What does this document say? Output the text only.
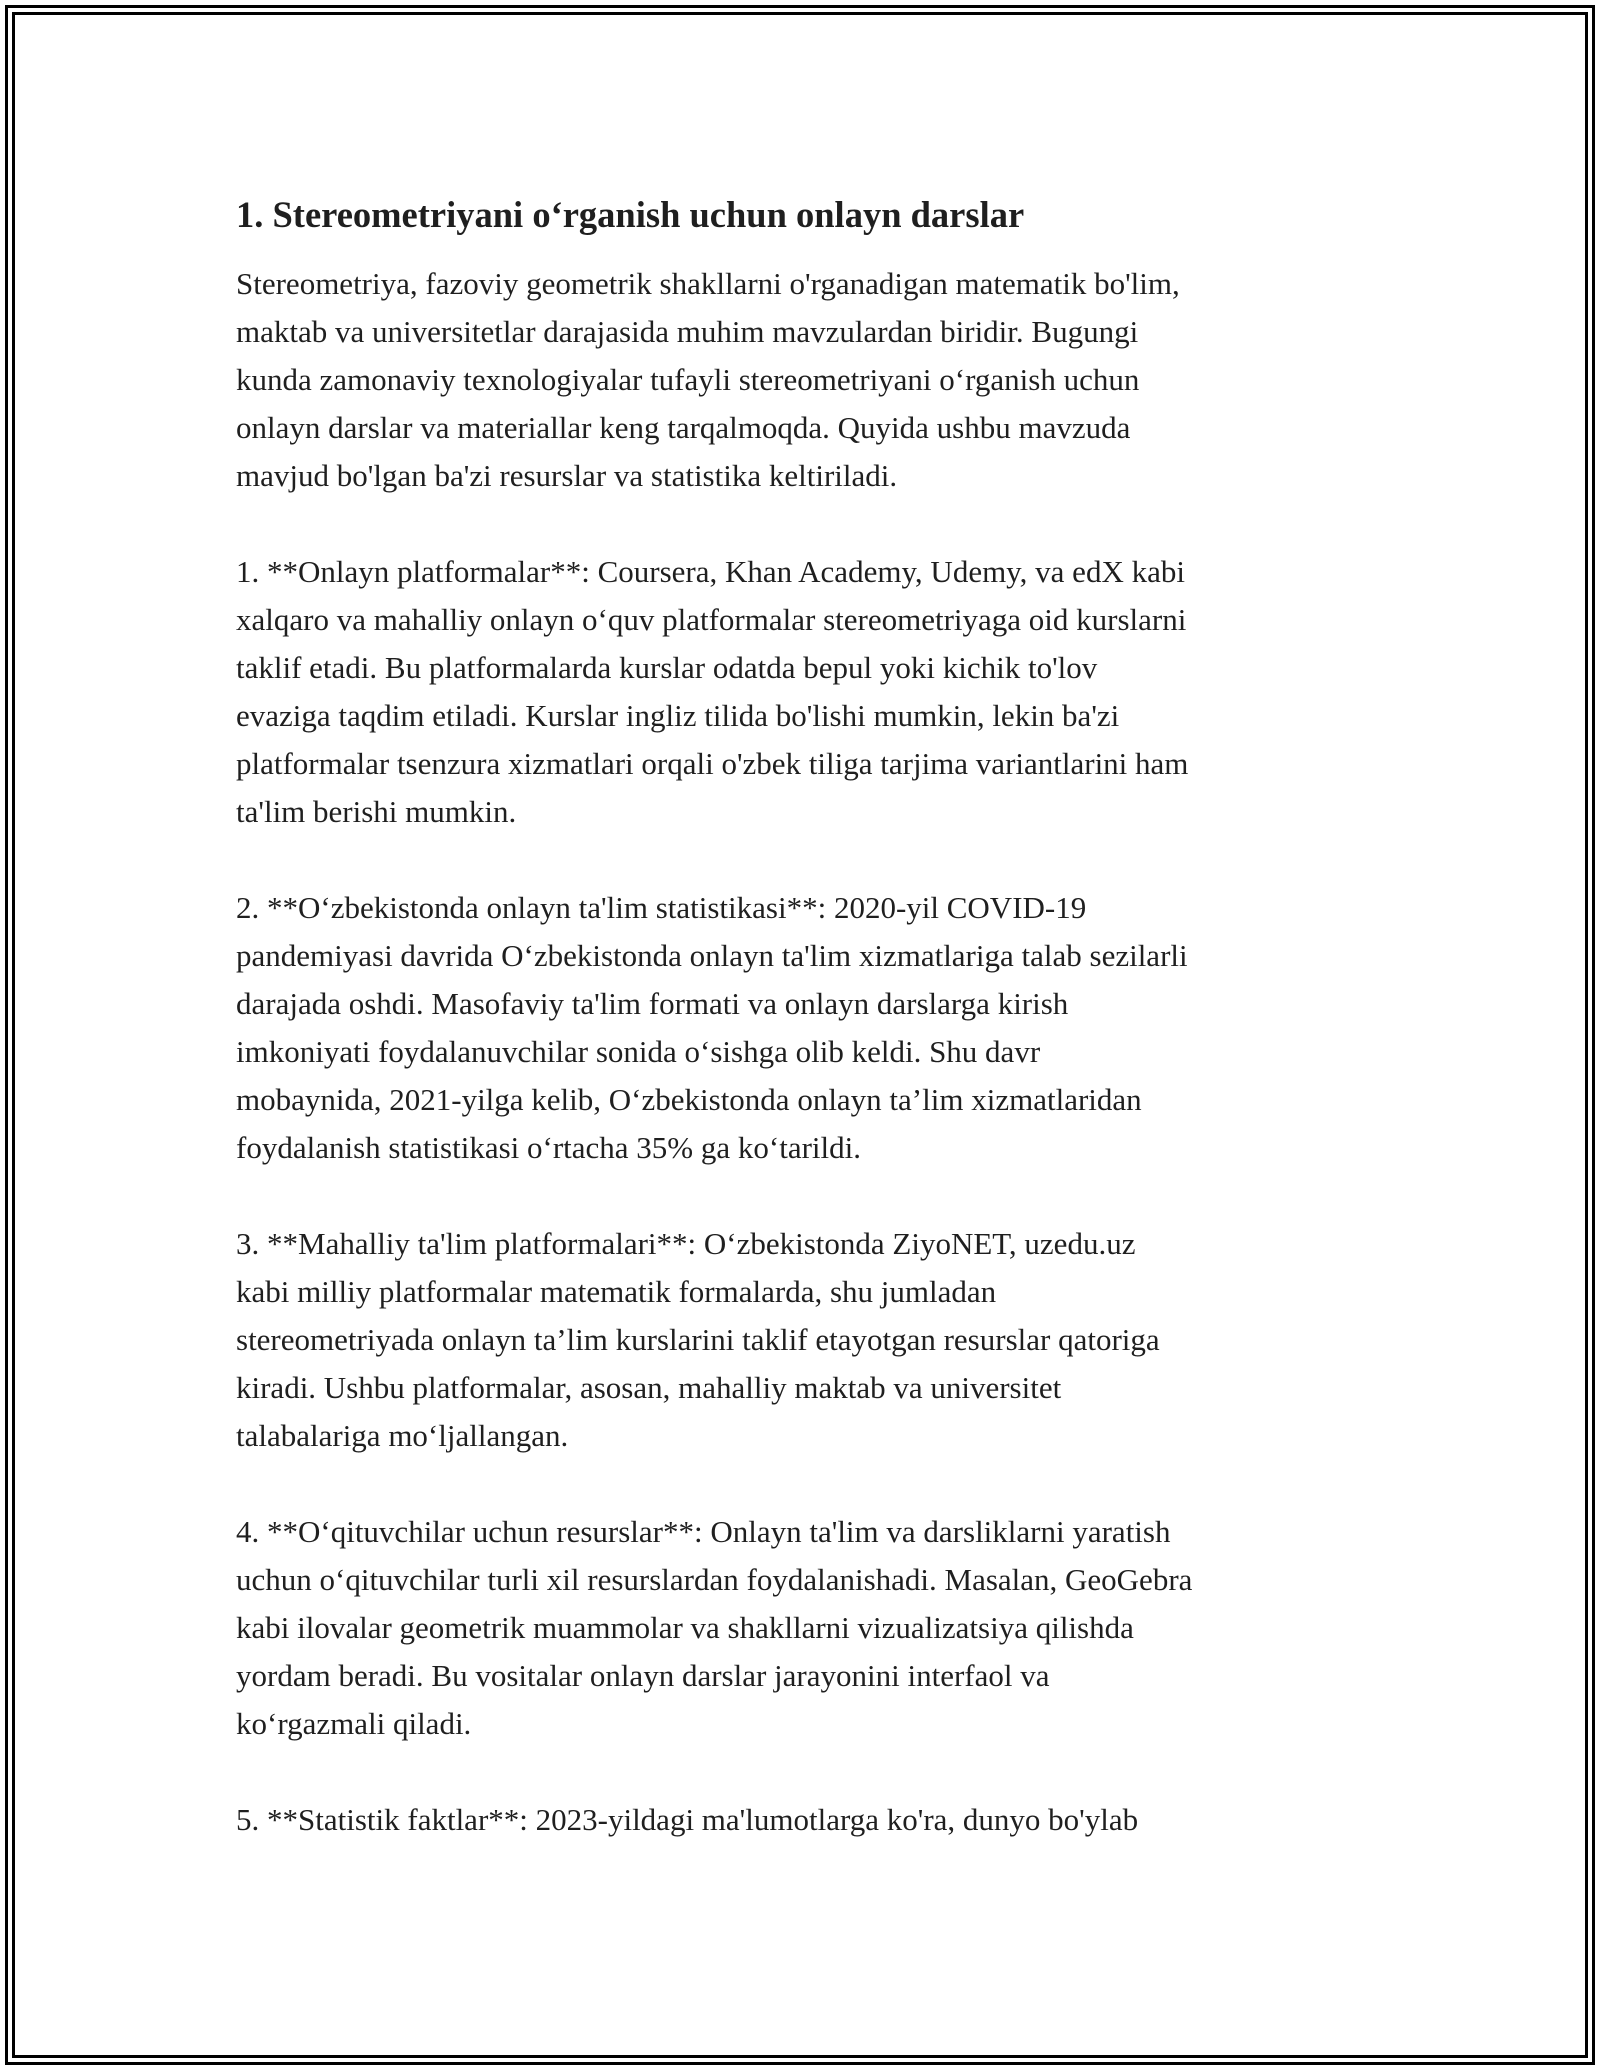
1. Stereometriyani o‘rganish uchun onlayn darslar
Stereometriya, fazoviy geometrik shakllarni o'rganadigan matematik bo'lim,
maktab va universitetlar darajasida muhim mavzulardan biridir. Bugungi
kunda zamonaviy texnologiyalar tufayli stereometriyani o‘rganish uchun
onlayn darslar va materiallar keng tarqalmoqda. Quyida ushbu mavzuda
mavjud bo'lgan ba'zi resurslar va statistika keltiriladi.
1. **Onlayn platformalar**: Coursera, Khan Academy, Udemy, va edX kabi
xalqaro va mahalliy onlayn o‘quv platformalar stereometriyaga oid kurslarni
taklif etadi. Bu platformalarda kurslar odatda bepul yoki kichik to'lov
evaziga taqdim etiladi. Kurslar ingliz tilida bo'lishi mumkin, lekin ba'zi
platformalar tsenzura xizmatlari orqali o'zbek tiliga tarjima variantlarini ham
ta'lim berishi mumkin.
2. **O‘zbekistonda onlayn ta'lim statistikasi**: 2020-yil COVID-19
pandemiyasi davrida O‘zbekistonda onlayn ta'lim xizmatlariga talab sezilarli
darajada oshdi. Masofaviy ta'lim formati va onlayn darslarga kirish
imkoniyati foydalanuvchilar sonida o‘sishga olib keldi. Shu davr
mobaynida, 2021-yilga kelib, O‘zbekistonda onlayn ta’lim xizmatlaridan
foydalanish statistikasi o‘rtacha 35% ga ko‘tarildi.
3. **Mahalliy ta'lim platformalari**: O‘zbekistonda ZiyoNET, uzedu.uz
kabi milliy platformalar matematik formalarda, shu jumladan
stereometriyada onlayn ta’lim kurslarini taklif etayotgan resurslar qatoriga
kiradi. Ushbu platformalar, asosan, mahalliy maktab va universitet
talabalariga mo‘ljallangan.
4. **O‘qituvchilar uchun resurslar**: Onlayn ta'lim va darsliklarni yaratish
uchun o‘qituvchilar turli xil resurslardan foydalanishadi. Masalan, GeoGebra
kabi ilovalar geometrik muammolar va shakllarni vizualizatsiya qilishda
yordam beradi. Bu vositalar onlayn darslar jarayonini interfaol va
ko‘rgazmali qiladi.
5. **Statistik faktlar**: 2023-yildagi ma'lumotlarga ko'ra, dunyo bo'ylab
